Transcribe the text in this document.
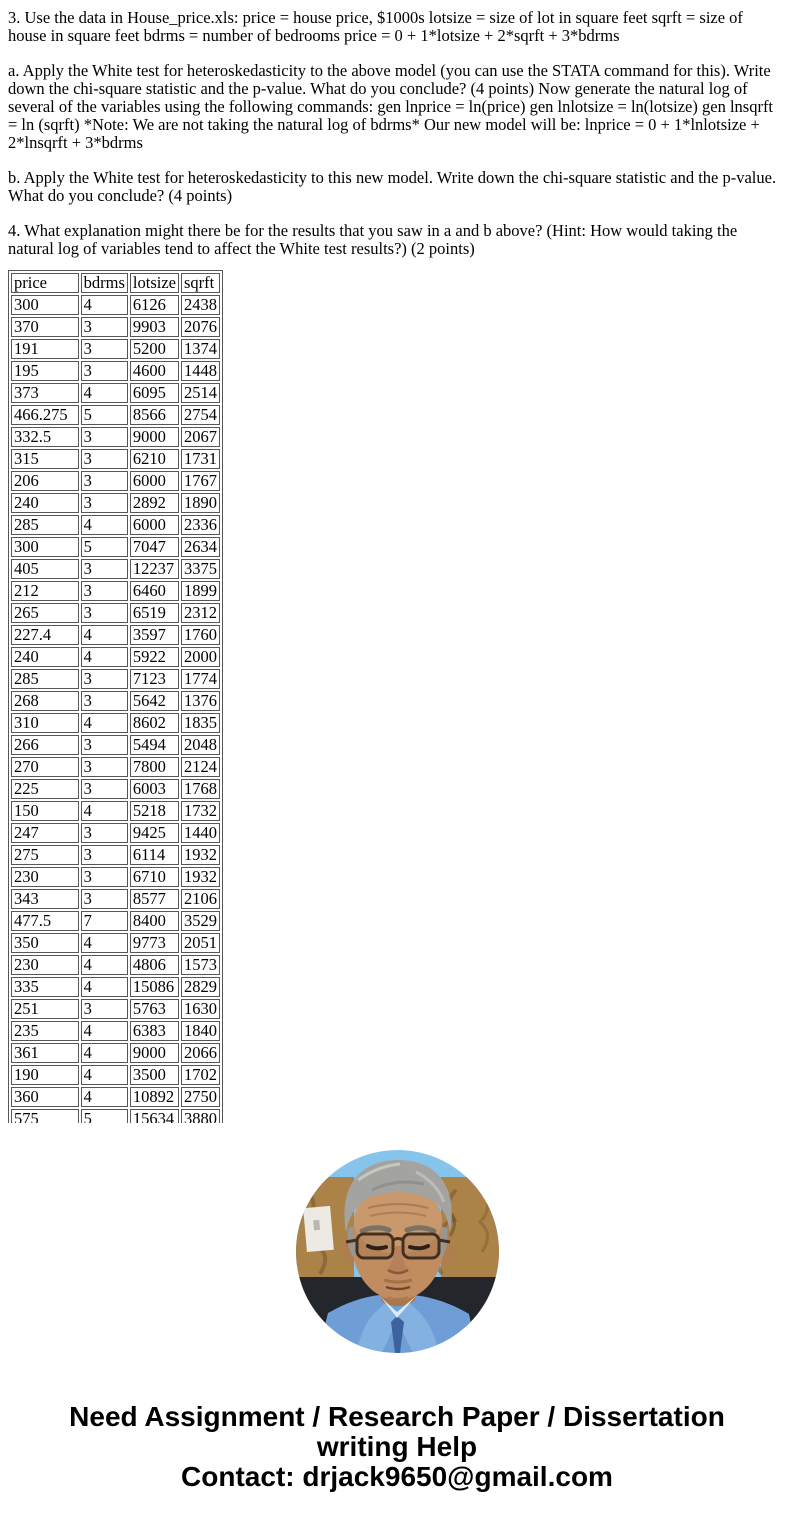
3. Use the data in House_price.xls: price = house price, $1000s lotsize = size of lot in square feet sqrft = size of house in square feet bdrms = number of bedrooms price = 0 + 1*lotsize + 2*sqrft + 3*bdrms

a. Apply the White test for heteroskedasticity to the above model (you can use the STATA command for this). Write down the chi-square statistic and the p-value. What do you conclude? (4 points) Now generate the natural log of several of the variables using the following commands: gen lnprice = ln(price) gen lnlotsize = ln(lotsize) gen lnsqrft = ln (sqrft) *Note: We are not taking the natural log of bdrms* Our new model will be: lnprice = 0 + 1*lnlotsize + 2*lnsqrft + 3*bdrms

b. Apply the White test for heteroskedasticity to this new model. Write down the chi-square statistic and the p-value. What do you conclude? (4 points)

4. What explanation might there be for the results that you saw in a and b above? (Hint: How would taking the natural log of variables tend to affect the White test results?) (2 points)

price	bdrms	lotsize	sqrft
300	4	6126	2438
370	3	9903	2076
191	3	5200	1374
195	3	4600	1448
373	4	6095	2514
466.275	5	8566	2754
332.5	3	9000	2067
315	3	6210	1731
206	3	6000	1767
240	3	2892	1890
285	4	6000	2336
300	5	7047	2634
405	3	12237	3375
212	3	6460	1899
265	3	6519	2312
227.4	4	3597	1760
240	4	5922	2000
285	3	7123	1774
268	3	5642	1376
310	4	8602	1835
266	3	5494	2048
270	3	7800	2124
225	3	6003	1768
150	4	5218	1732
247	3	9425	1440
275	3	6114	1932
230	3	6710	1932
343	3	8577	2106
477.5	7	8400	3529
350	4	9773	2051
230	4	4806	1573
335	4	15086	2829
251	3	5763	1630
235	4	6383	1840
361	4	9000	2066
190	4	3500	1702
360	4	10892	2750
575	5	15634	3880
Need Assignment / Research Paper / Dissertation
writing Help
Contact: drjack9650@gmail.com
